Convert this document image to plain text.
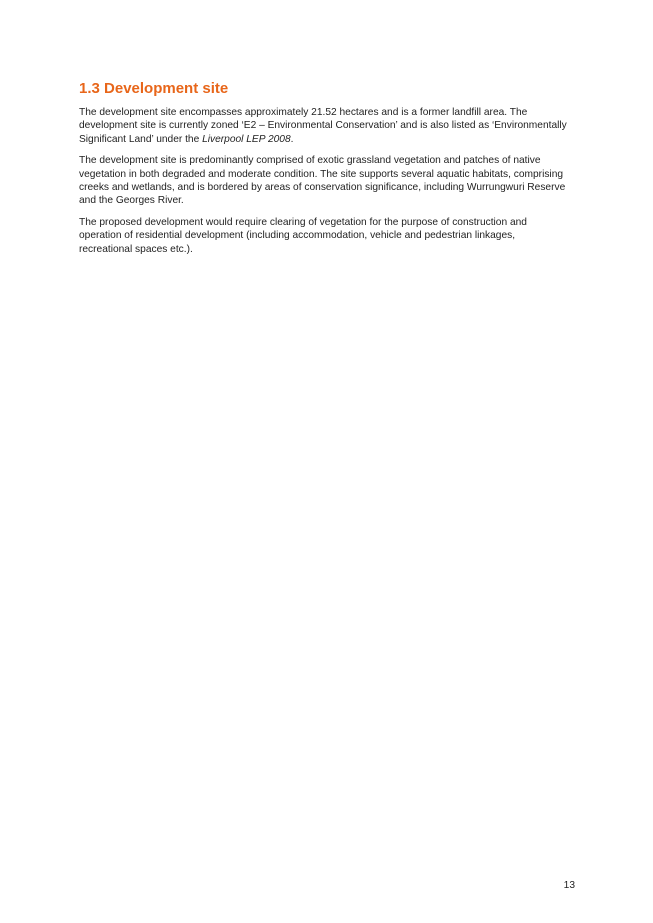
1.3 Development site

The development site encompasses approximately 21.52 hectares and is a former landfill area. The development site is currently zoned ‘E2 – Environmental Conservation’ and is also listed as ‘Environmentally Significant Land’ under the Liverpool LEP 2008.

The development site is predominantly comprised of exotic grassland vegetation and patches of native vegetation in both degraded and moderate condition. The site supports several aquatic habitats, comprising creeks and wetlands, and is bordered by areas of conservation significance, including Wurrungwuri Reserve and the Georges River.

The proposed development would require clearing of vegetation for the purpose of construction and operation of residential development (including accommodation, vehicle and pedestrian linkages, recreational spaces etc.).

13
